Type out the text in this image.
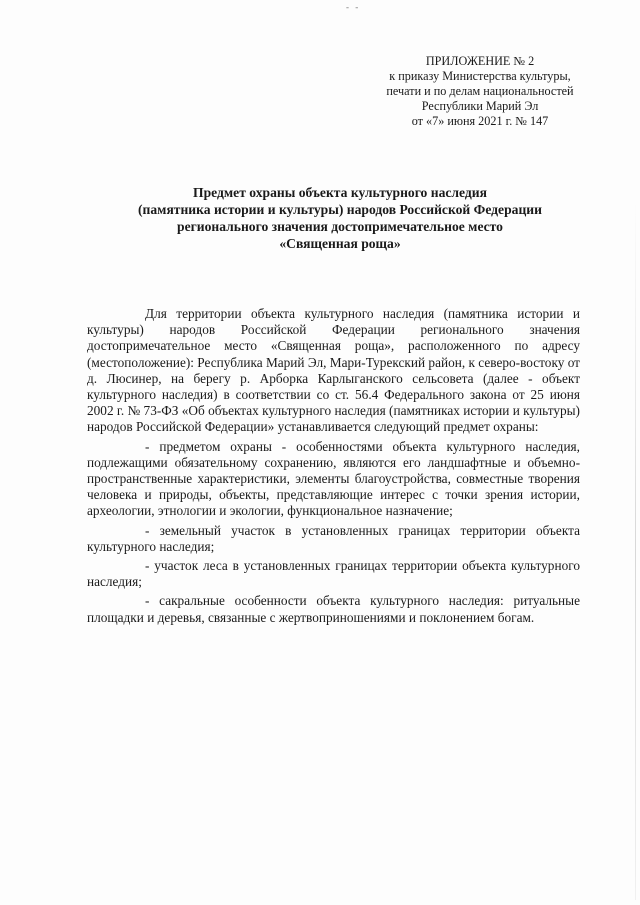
- -
ПРИЛОЖЕНИЕ № 2
к приказу Министерства культуры,
печати и по делам национальностей
Республики Марий Эл
от «7» июня 2021 г. № 147
Предмет охраны объекта культурного наследия
(памятника истории и культуры) народов Российской Федерации
регионального значения достопримечательное место
«Священная роща»

Для территории объекта культурного наследия (памятника истории и культуры) народов Российской Федерации регионального значения достопримечательное место «Священная роща», расположенного по адресу (местоположение): Республика Марий Эл, Мари-Турекский район, к северо-востоку от д. Люсинер, на берегу р. Арборка Карлыганского сельсовета (далее - объект культурного наследия) в соответствии со ст. 56.4 Федерального закона от 25 июня 2002 г. № 73-ФЗ «Об объектах культурного наследия (памятниках истории и культуры) народов Российской Федерации» устанавливается следующий предмет охраны:

- предметом охраны - особенностями объекта культурного наследия, подлежащими обязательному сохранению, являются его ландшафтные и объемно-пространственные характеристики, элементы благоустройства, совместные творения человека и природы, объекты, представляющие интерес с точки зрения истории, археологии, этнологии и экологии, функциональное назначение;

- земельный участок в установленных границах территории объекта культурного наследия;

- участок леса в установленных границах территории объекта культурного наследия;

- сакральные особенности объекта культурного наследия: ритуальные площадки и деревья, связанные с жертвоприношениями и поклонением богам.
